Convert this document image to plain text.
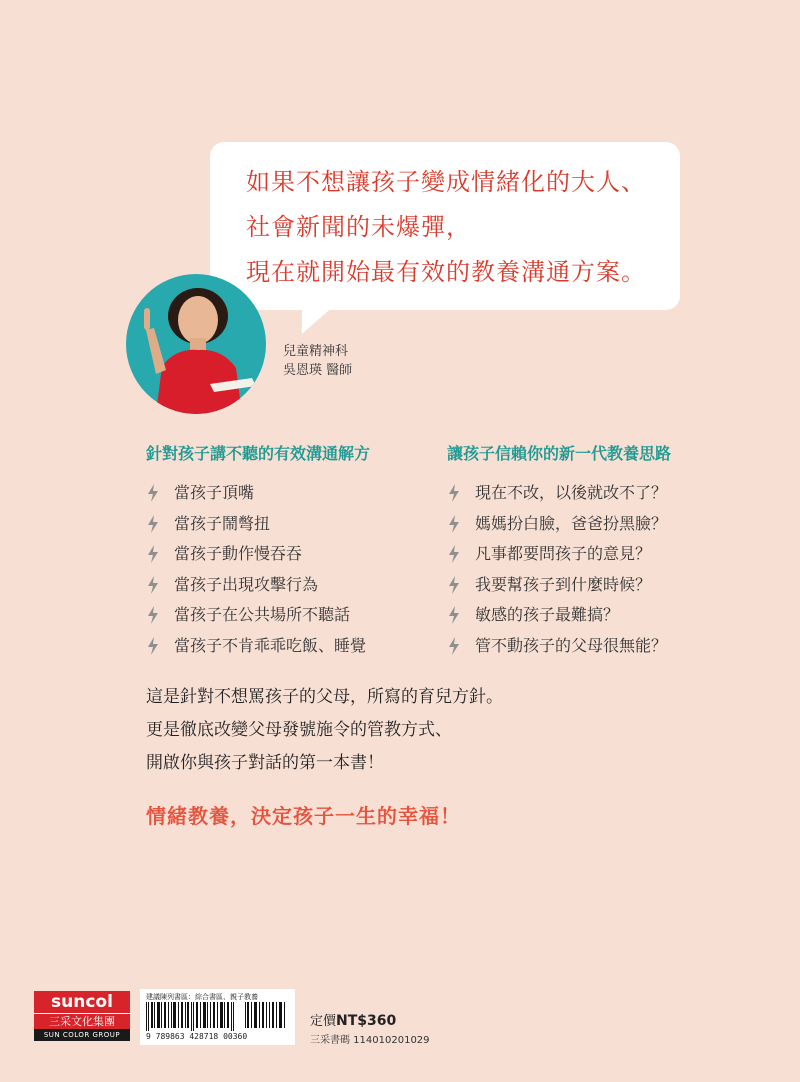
如果不想讓孩子變成情緒化的大人、
社會新聞的未爆彈，
現在就開始最有效的教養溝通方案。
兒童精神科
吳恩瑛 醫師
針對孩子講不聽的有效溝通解方
當孩子頂嘴
當孩子鬧彆扭
當孩子動作慢吞吞
當孩子出現攻擊行為
當孩子在公共場所不聽話
當孩子不肯乖乖吃飯、睡覺
讓孩子信賴你的新一代教養思路
現在不改，以後就改不了？
媽媽扮白臉，爸爸扮黑臉？
凡事都要問孩子的意見？
我要幫孩子到什麼時候？
敏感的孩子最難搞？
管不動孩子的父母很無能？
這是針對不想罵孩子的父母，所寫的育兒方針。
更是徹底改變父母發號施令的管教方式、
開啟你與孩子對話的第一本書！
情緒教養，決定孩子一生的幸福！
suncol
三采文化集團
SUN COLOR GROUP
建議陳列書區：綜合書區、親子教養
9 789863 428718 00360
定價NT$360
三采書碼 114010201029
